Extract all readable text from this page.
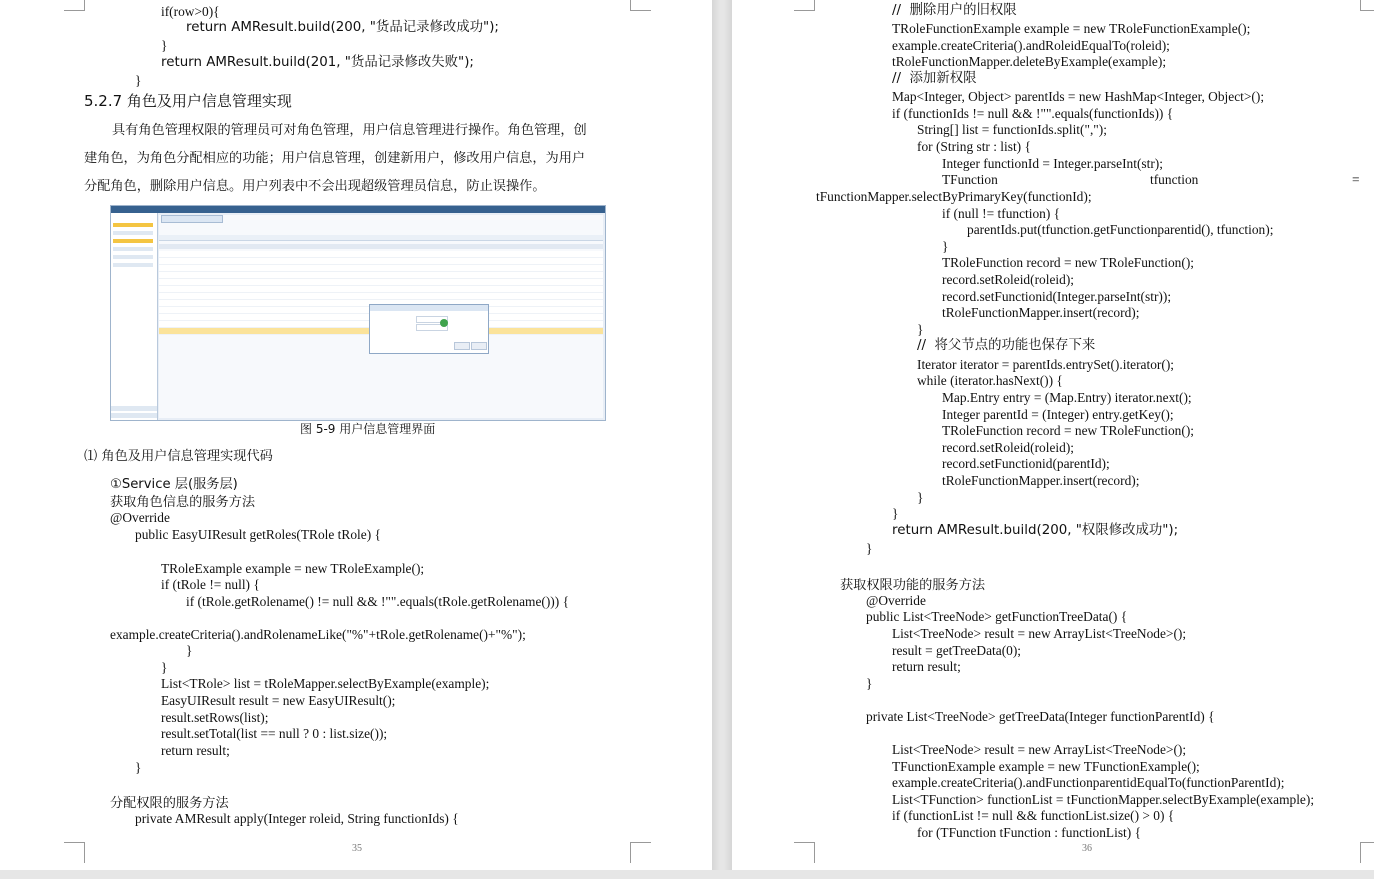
if(row>0){
return AMResult.build(200, "货品记录修改成功");
}
return AMResult.build(201, "货品记录修改失败");
}
5.2.7 角色及用户信息管理实现
具有角色管理权限的管理员可对角色管理，用户信息管理进行操作。角色管理，创
建角色，为角色分配相应的功能；用户信息管理，创建新用户，修改用户信息，为用户
分配角色，删除用户信息。用户列表中不会出现超级管理员信息，防止误操作。
图 5-9 用户信息管理界面
⑴ 角色及用户信息管理实现代码
①Service 层(服务层)
获取角色信息的服务方法
@Override
public EasyUIResult getRoles(TRole tRole) {
TRoleExample example = new TRoleExample();
if (tRole != null) {
if (tRole.getRolename() != null && !"".equals(tRole.getRolename())) {
example.createCriteria().andRolenameLike("%"+tRole.getRolename()+"%");
}
}
List<TRole> list = tRoleMapper.selectByExample(example);
EasyUIResult result = new EasyUIResult();
result.setRows(list);
result.setTotal(list == null ? 0 : list.size());
return result;
}
分配权限的服务方法
private AMResult apply(Integer roleid, String functionIds) {
35
//  删除用户的旧权限
TRoleFunctionExample example = new TRoleFunctionExample();
example.createCriteria().andRoleidEqualTo(roleid);
tRoleFunctionMapper.deleteByExample(example);
//  添加新权限
Map<Integer, Object> parentIds = new HashMap<Integer, Object>();
if (functionIds != null && !"".equals(functionIds)) {
String[] list = functionIds.split(",");
for (String str : list) {
Integer functionId = Integer.parseInt(str);
TFunction	tfunction	=
tFunctionMapper.selectByPrimaryKey(functionId);
if (null != tfunction) {
parentIds.put(tfunction.getFunctionparentid(), tfunction);
}
TRoleFunction record = new TRoleFunction();
record.setRoleid(roleid);
record.setFunctionid(Integer.parseInt(str));
tRoleFunctionMapper.insert(record);
}
//  将父节点的功能也保存下来
Iterator iterator = parentIds.entrySet().iterator();
while (iterator.hasNext()) {
Map.Entry entry = (Map.Entry) iterator.next();
Integer parentId = (Integer) entry.getKey();
TRoleFunction record = new TRoleFunction();
record.setRoleid(roleid);
record.setFunctionid(parentId);
tRoleFunctionMapper.insert(record);
}
}
return AMResult.build(200, "权限修改成功");
}
获取权限功能的服务方法
@Override
public List<TreeNode> getFunctionTreeData() {
List<TreeNode> result = new ArrayList<TreeNode>();
result = getTreeData(0);
return result;
}
private List<TreeNode> getTreeData(Integer functionParentId) {
List<TreeNode> result = new ArrayList<TreeNode>();
TFunctionExample example = new TFunctionExample();
example.createCriteria().andFunctionparentidEqualTo(functionParentId);
List<TFunction> functionList = tFunctionMapper.selectByExample(example);
if (functionList != null && functionList.size() > 0) {
for (TFunction tFunction : functionList) {
36
